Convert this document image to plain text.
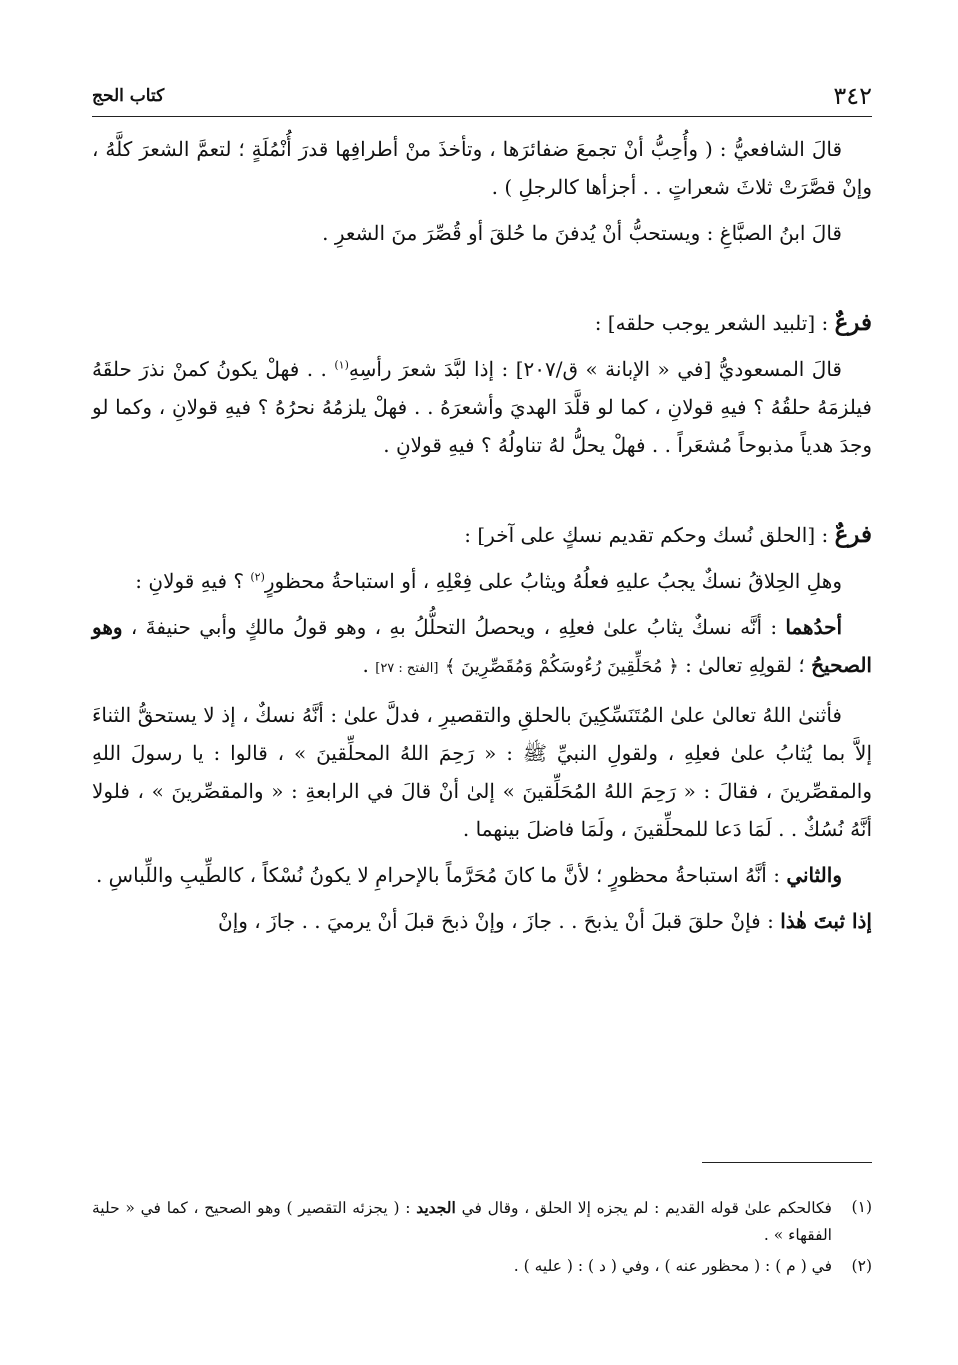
٣٤٢
كتاب الحج

قالَ الشافعيُّ : ( وأُحِبُّ أنْ تجمعَ ضفائرَها ، وتأخذَ منْ أطرافِها قدرَ أُنْمُلَةٍ ؛ لتعمَّ الشعرَ كلَّهُ ، وإنْ قصَّرَتْ ثلاثَ شعراتٍ . . أجزأها كالرجلِ ) .

قالَ ابنُ الصبَّاغِ : ويستحبُّ أنْ يُدفنَ ما حُلقَ أو قُصِّرَ منَ الشعرِ .

فرعٌ : [تلبيد الشعر يوجب حلقه] :

قالَ المسعوديُّ [في « الإبانة » ق/٢٠٧] : إذا لبَّدَ شعرَ رأسِهِ$^{(١)}$ . . فهلْ يكونُ كمنْ نذرَ حلقَهُ فيلزمَهُ حلقُهُ ؟ فيهِ قولانِ ، كما لو قلَّدَ الهديَ وأشعرَهُ . . فهلْ يلزمُهُ نحرُهُ ؟ فيهِ قولانِ ، وكما لو وجدَ هدياً مذبوحاً مُشعَراً . . فهلْ يحلُّ لهُ تناولُهُ ؟ فيهِ قولانِ .

فرعٌ : [الحلق نُسك وحكم تقديم نسكٍ على آخر] :

وهلِ الحِلاقُ نسكٌ يجبُ عليهِ فعلُهُ ويثابُ على فِعْلِهِ ، أو استباحةُ محظورٍ$^{(٢)}$ ؟ فيهِ قولانِ :

أحدُهما : أنَّه نسكٌ يثابُ علىٰ فعلِهِ ، ويحصلُ التحلُّلُ بهِ ، وهو قولُ مالكٍ وأبي حنيفةَ ، وهو الصحيحُ ؛ لقولِهِ تعالىٰ : ﴿ مُحَلِّقِينَ رُءُوسَكُمْ وَمُقَصِّرِينَ ﴾ [الفتح : ٢٧] .

فأثنىٰ اللهُ تعالىٰ علىٰ المُتَنَسِّكِينَ بالحلقِ والتقصيرِ ، فدلَّ علىٰ : أنَّهُ نسكٌ ، إذ لا يستحقُّ الثناءَ إلاَّ بما يُثابُ علىٰ فعلِهِ ، ولقولِ النبيِّ ﷺ : « رَحِمَ اللهُ المحلِّقينَ » ، قالوا : يا رسولَ اللهِ والمقصِّرينَ ، فقالَ : « رَحِمَ اللهُ المُحَلِّقينَ » إلىٰ أنْ قالَ في الرابعةِ : « والمقصِّرينَ » ، فلولا أنَّهُ نُسُكٌ . . لَمَا دَعا للمحلِّقينَ ، ولَمَا فاضلَ بينهما .

والثاني : أنَّهُ استباحةُ محظورٍ ؛ لأنَّ ما كانَ مُحَرَّماً بالإحرامِ لا يكونُ نُسْكاً ، كالطِّيبِ واللِّباسِ .

إذا ثبتَ هٰذا : فإنْ حلقَ قبلَ أنْ يذبحَ . . جازَ ، وإنْ ذبحَ قبلَ أنْ يرميَ . . جازَ ، وإنْ

(١)
فكالحكم علىٰ قوله القديم : لم يجزه إلا الحلق ، وقال في الجديد : ( يجزئه التقصير ) وهو الصحيح ، كما في « حلية الفقهاء » .
(٢)
في ( م ) : ( محظور عنه ) ، وفي ( د ) : ( عليه ) .
